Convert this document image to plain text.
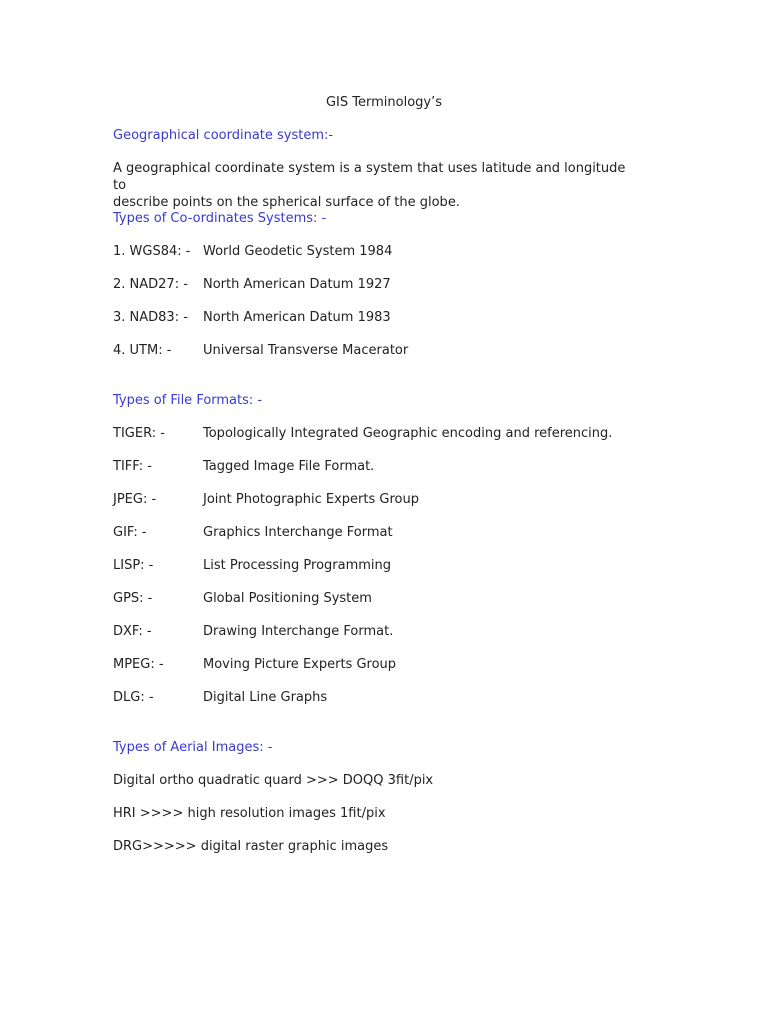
GIS Terminology’s
Geographical coordinate system:-
A geographical coordinate system is a system that uses latitude and longitude to
describe points on the spherical surface of the globe.
Types of Co-ordinates Systems: -
1. WGS84: - World Geodetic System 1984
2. NAD27: - North American Datum 1927
3. NAD83: - North American Datum 1983
4. UTM: - Universal Transverse Macerator
Types of File Formats: -
TIGER: -	Topologically Integrated Geographic encoding and referencing.
TIFF: -	Tagged Image File Format.
JPEG: -	Joint Photographic Experts Group
GIF: -	Graphics Interchange Format
LISP: -	List Processing Programming
GPS: -	Global Positioning System
DXF: -	Drawing Interchange Format.
MPEG: -	Moving Picture Experts Group
DLG: -	Digital Line Graphs
Types of Aerial Images: -
Digital ortho quadratic quard >>> DOQQ 3fit/pix
HRI >>>> high resolution images 1fit/pix
DRG>>>>> digital raster graphic images
